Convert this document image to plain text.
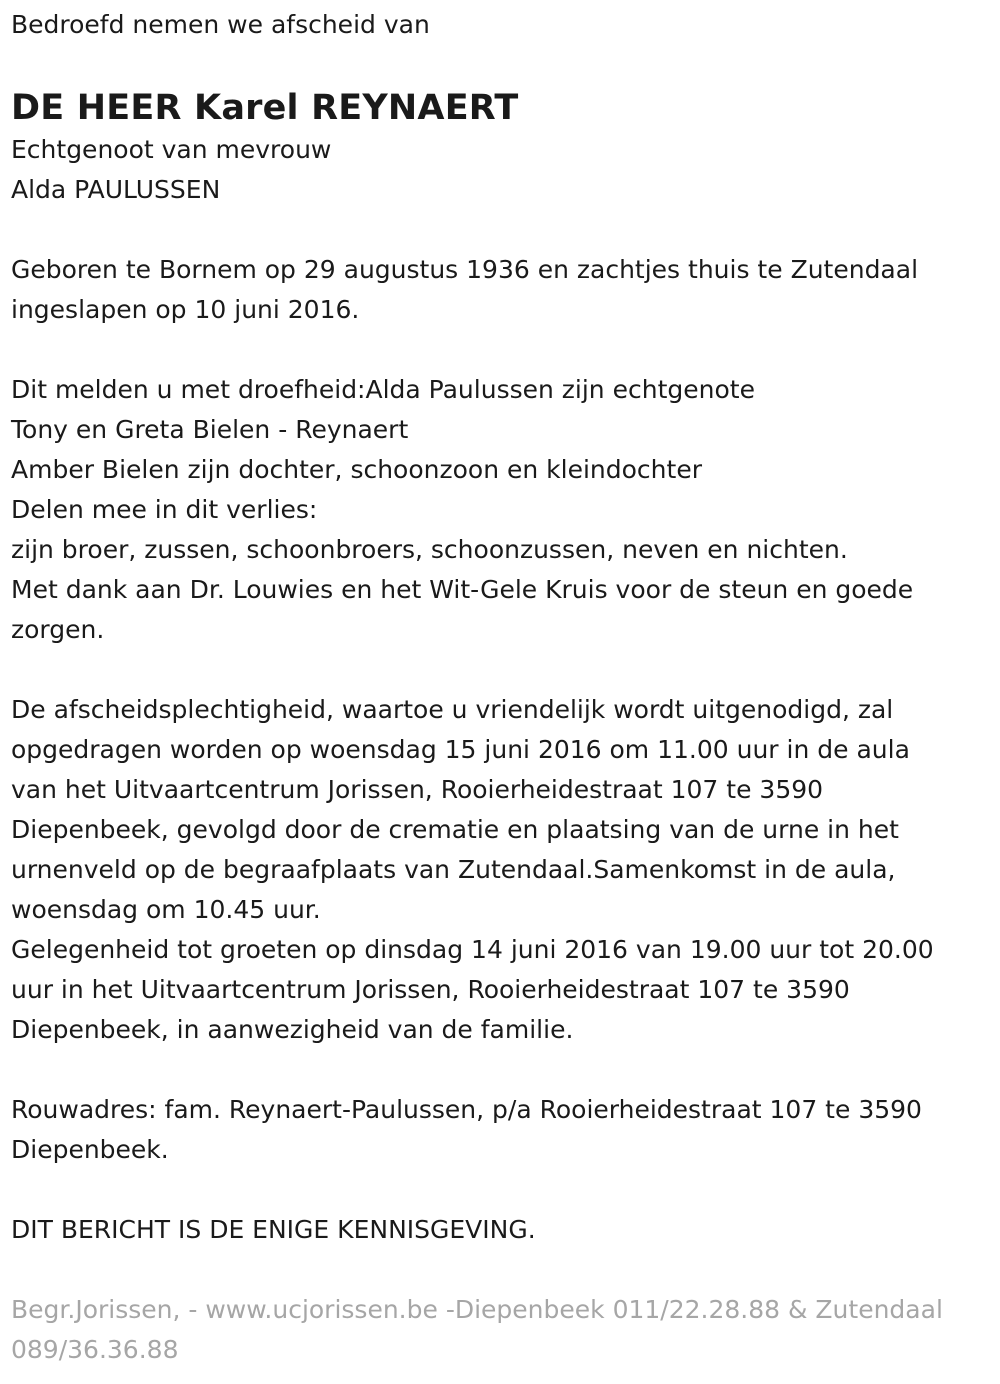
Bedroefd nemen we afscheid van

DE HEER Karel REYNAERT

Echtgenoot van mevrouw

Alda PAULUSSEN

Geboren te Bornem op 29 augustus 1936 en zachtjes thuis te Zutendaal

ingeslapen op 10 juni 2016.

Dit melden u met droefheid:Alda Paulussen zijn echtgenote

Tony en Greta Bielen - Reynaert

Amber Bielen zijn dochter, schoonzoon en kleindochter

Delen mee in dit verlies:

zijn broer, zussen, schoonbroers, schoonzussen, neven en nichten.

Met dank aan Dr. Louwies en het Wit-Gele Kruis voor de steun en goede

zorgen.

De afscheidsplechtigheid, waartoe u vriendelijk wordt uitgenodigd, zal

opgedragen worden op woensdag 15 juni 2016 om 11.00 uur in de aula

van het Uitvaartcentrum Jorissen, Rooierheidestraat 107 te 3590

Diepenbeek, gevolgd door de crematie en plaatsing van de urne in het

urnenveld op de begraafplaats van Zutendaal.Samenkomst in de aula,

woensdag om 10.45 uur.

Gelegenheid tot groeten op dinsdag 14 juni 2016 van 19.00 uur tot 20.00

uur in het Uitvaartcentrum Jorissen, Rooierheidestraat 107 te 3590

Diepenbeek, in aanwezigheid van de familie.

Rouwadres: fam. Reynaert-Paulussen, p/a Rooierheidestraat 107 te 3590

Diepenbeek.

DIT BERICHT IS DE ENIGE KENNISGEVING.

Begr.Jorissen, - www.ucjorissen.be -Diepenbeek 011/22.28.88 & Zutendaal

089/36.36.88
